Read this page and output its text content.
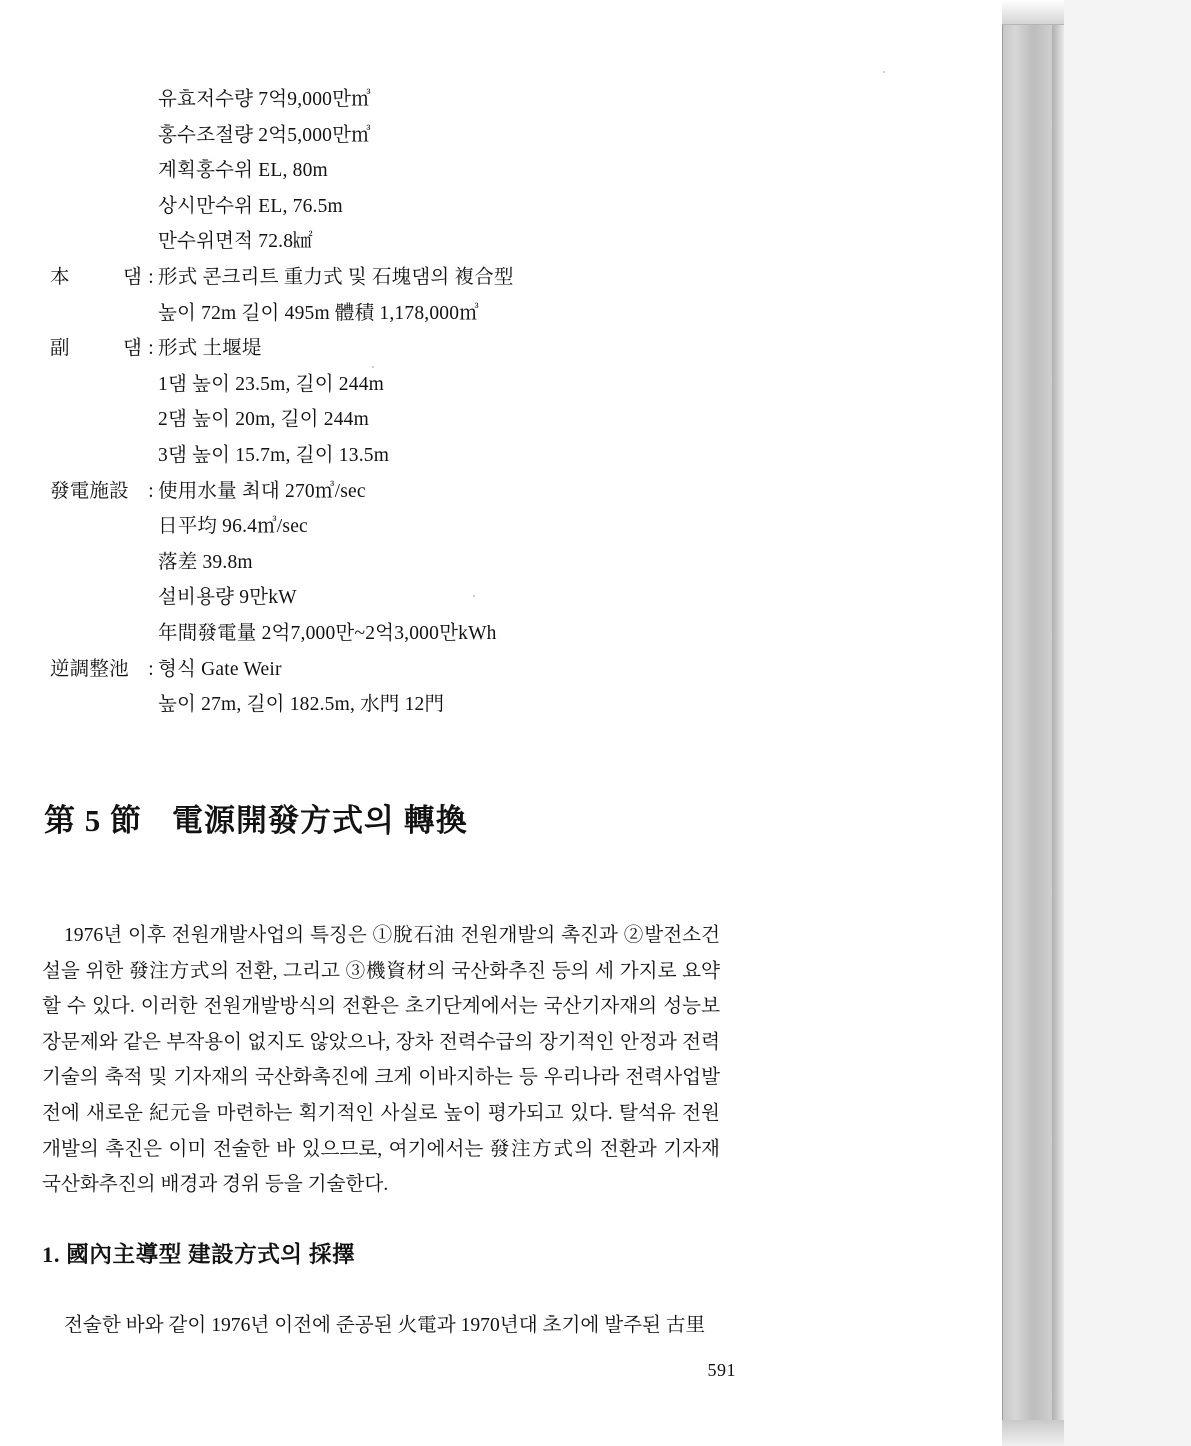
유효저수량 7억9,000만㎥
홍수조절량 2억5,000만㎥
계획홍수위 EL, 80m
상시만수위 EL, 76.5m
만수위면적 72.8㎢
本	댐 : 形式 콘크리트 重力式 및 石塊댐의 複合型
높이 72m 길이 495m 體積 1,178,000㎥
副	댐 : 形式 土堰堤
1댐 높이 23.5m, 길이 244m
2댐 높이 20m, 길이 244m
3댐 높이 15.7m, 길이 13.5m
發電施設 : 使用水量 최대 270㎥/sec
日平均 96.4㎥/sec
落差 39.8m
설비용량 9만kW
年間發電量 2억7,000만~2억3,000만kWh
逆調整池 : 형식 Gate Weir
높이 27m, 길이 182.5m, 水門 12門
第 5 節 電源開發方式의 轉換
1976년 이후 전원개발사업의 특징은 ①脫石油 전원개발의 촉진과 ②발전소건설을 위한 發注方式의 전환, 그리고 ③機資材의 국산화추진 등의 세 가지로 요약할 수 있다. 이러한 전원개발방식의 전환은 초기단계에서는 국산기자재의 성능보장문제와 같은 부작용이 없지도 않았으나, 장차 전력수급의 장기적인 안정과 전력기술의 축적 및 기자재의 국산화촉진에 크게 이바지하는 등 우리나라 전력사업발전에 새로운 紀元을 마련하는 획기적인 사실로 높이 평가되고 있다. 탈석유 전원개발의 촉진은 이미 전술한 바 있으므로, 여기에서는 發注方式의 전환과 기자재 국산화추진의 배경과 경위 등을 기술한다.
1. 國內主導型 建設方式의 採擇
전술한 바와 같이 1976년 이전에 준공된 火電과 1970년대 초기에 발주된 古里
591
